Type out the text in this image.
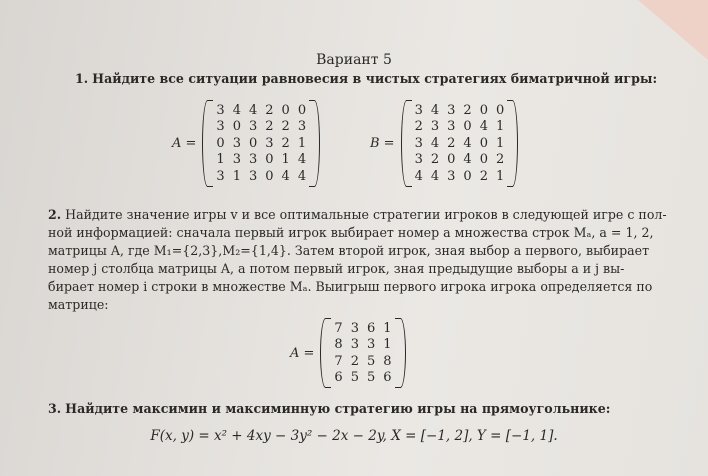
Вариант 5
1. Найдите все ситуации равновесия в чистых стратегиях биматричной игры:
A =
3	4	4	2	0	0
3	0	3	2	2	3
0	3	0	3	2	1
1	3	3	0	1	4
3	1	3	0	4	4
B =
3	4	3	2	0	0
2	3	3	0	4	1
3	4	2	4	0	1
3	2	0	4	0	2
4	4	3	0	2	1
2. Найдите значение игры v и все оптимальные стратегии игроков в следующей игре с пол-
ной информацией: сначала первый игрок выбирает номер a множества строк Mₐ, a = 1, 2,
матрицы A, где M₁={2,3},M₂={1,4}. Затем второй игрок, зная выбор a первого, выбирает
номер j столбца матрицы A, а потом первый игрок, зная предыдущие выборы a и j вы-
бирает номер i строки в множестве Mₐ. Выигрыш первого игрока игрока определяется по
матрице:
A =
7	3	6	1
8	3	3	1
7	2	5	8
6	5	5	6
3. Найдите максимин и максиминную стратегию игры на прямоугольнике:
F(x, y) = x² + 4xy − 3y² − 2x − 2y, X = [−1, 2], Y = [−1, 1].
